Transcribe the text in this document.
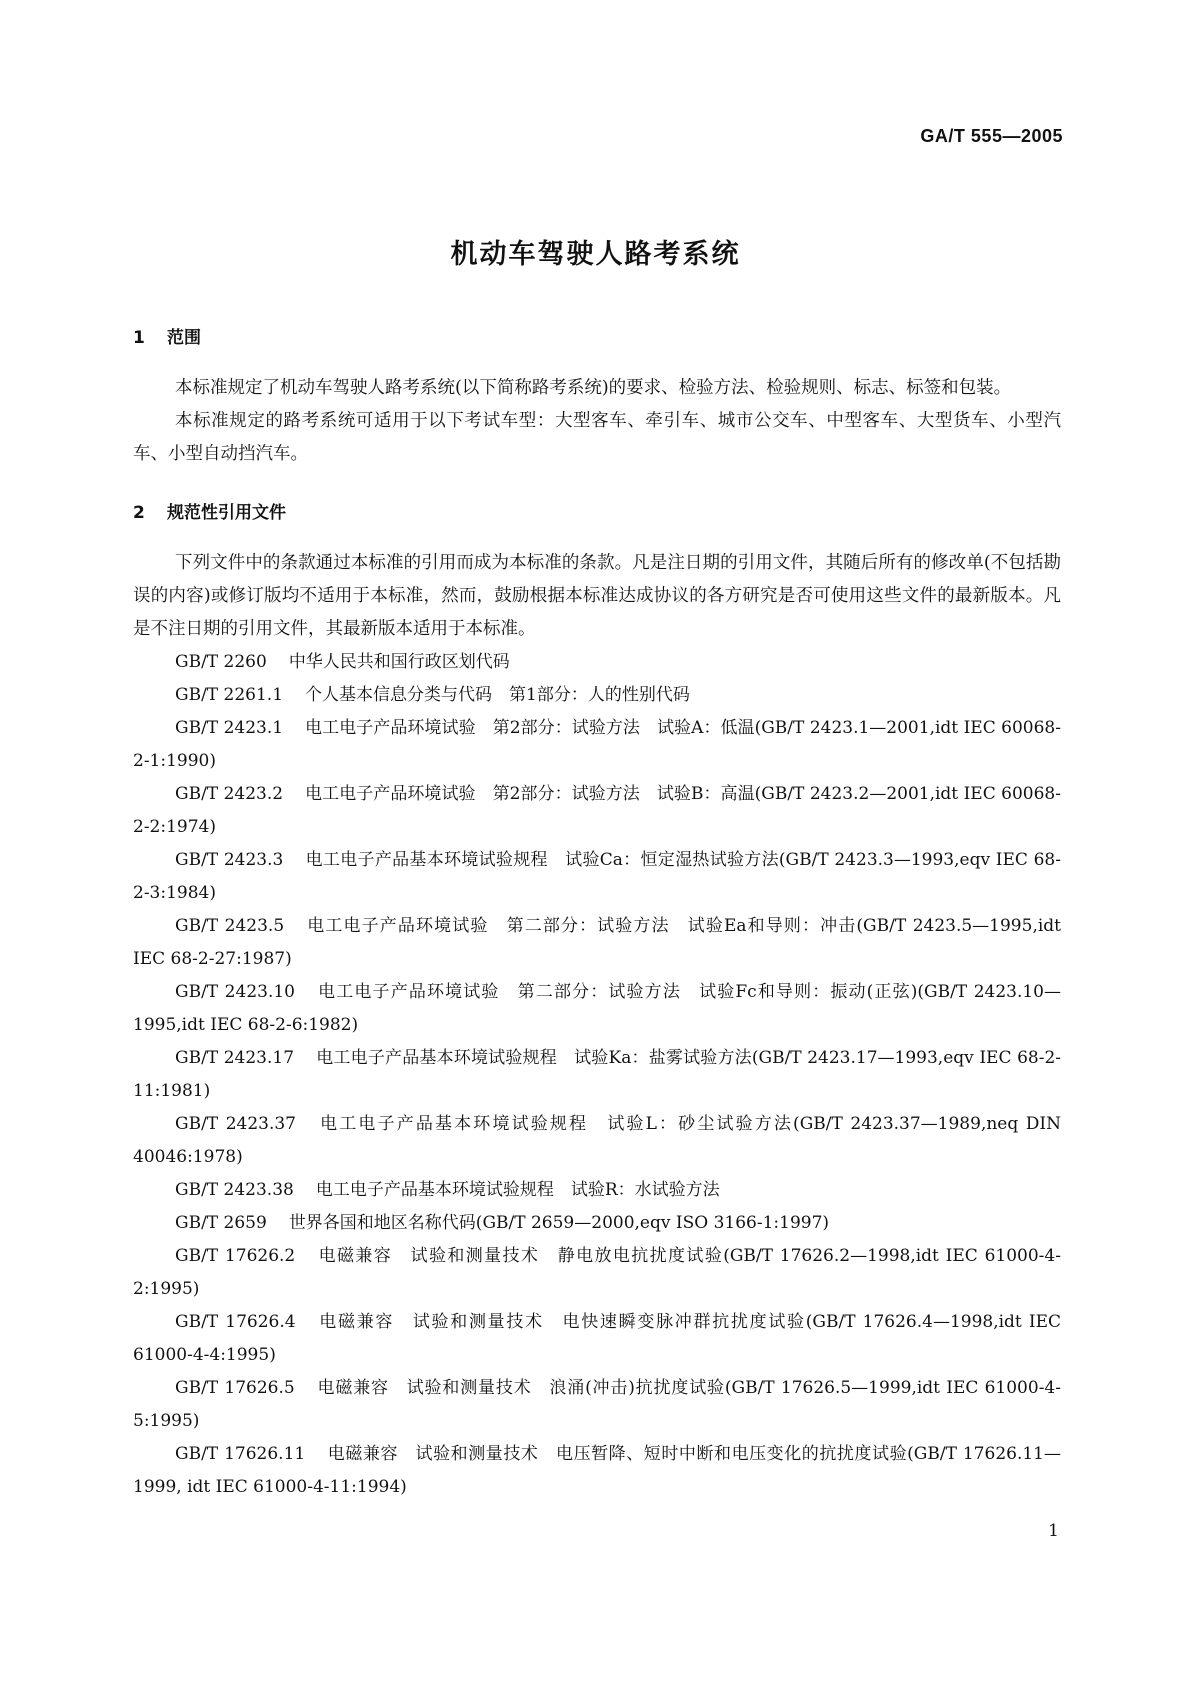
GA/T 555—2005
机动车驾驶人路考系统
1 范围

本标准规定了机动车驾驶人路考系统(以下简称路考系统)的要求、检验方法、检验规则、标志、标签和包装。

本标准规定的路考系统可适用于以下考试车型：大型客车、牵引车、城市公交车、中型客车、大型货车、小型汽车、小型自动挡汽车。

2 规范性引用文件

下列文件中的条款通过本标准的引用而成为本标准的条款。凡是注日期的引用文件，其随后所有的修改单(不包括勘误的内容)或修订版均不适用于本标准，然而，鼓励根据本标准达成协议的各方研究是否可使用这些文件的最新版本。凡是不注日期的引用文件，其最新版本适用于本标准。

GB/T 2260 中华人民共和国行政区划代码

GB/T 2261.1 个人基本信息分类与代码　第1部分：人的性别代码

GB/T 2423.1 电工电子产品环境试验　第2部分：试验方法　试验A：低温(GB/T 2423.1—2001,idt IEC 60068-2-1:1990)

GB/T 2423.2 电工电子产品环境试验　第2部分：试验方法　试验B：高温(GB/T 2423.2—2001,idt IEC 60068-2-2:1974)

GB/T 2423.3 电工电子产品基本环境试验规程　试验Ca：恒定湿热试验方法(GB/T 2423.3—1993,eqv IEC 68-2-3:1984)

GB/T 2423.5 电工电子产品环境试验　第二部分：试验方法　试验Ea和导则：冲击(GB/T 2423.5—1995,idt IEC 68-2-27:1987)

GB/T 2423.10 电工电子产品环境试验　第二部分：试验方法　试验Fc和导则：振动(正弦)(GB/T 2423.10—1995,idt IEC 68-2-6:1982)

GB/T 2423.17 电工电子产品基本环境试验规程　试验Ka：盐雾试验方法(GB/T 2423.17—1993,eqv IEC 68-2-11:1981)

GB/T 2423.37 电工电子产品基本环境试验规程　试验L：砂尘试验方法(GB/T 2423.37—1989,neq DIN 40046:1978)

GB/T 2423.38 电工电子产品基本环境试验规程　试验R：水试验方法

GB/T 2659 世界各国和地区名称代码(GB/T 2659—2000,eqv ISO 3166-1:1997)

GB/T 17626.2 电磁兼容　试验和测量技术　静电放电抗扰度试验(GB/T 17626.2—1998,idt IEC 61000-4-2:1995)

GB/T 17626.4 电磁兼容　试验和测量技术　电快速瞬变脉冲群抗扰度试验(GB/T 17626.4—1998,idt IEC 61000-4-4:1995)

GB/T 17626.5 电磁兼容　试验和测量技术　浪涌(冲击)抗扰度试验(GB/T 17626.5—1999,idt IEC 61000-4-5:1995)

GB/T 17626.11 电磁兼容　试验和测量技术　电压暂降、短时中断和电压变化的抗扰度试验(GB/T 17626.11—1999, idt IEC 61000-4-11:1994)

1
